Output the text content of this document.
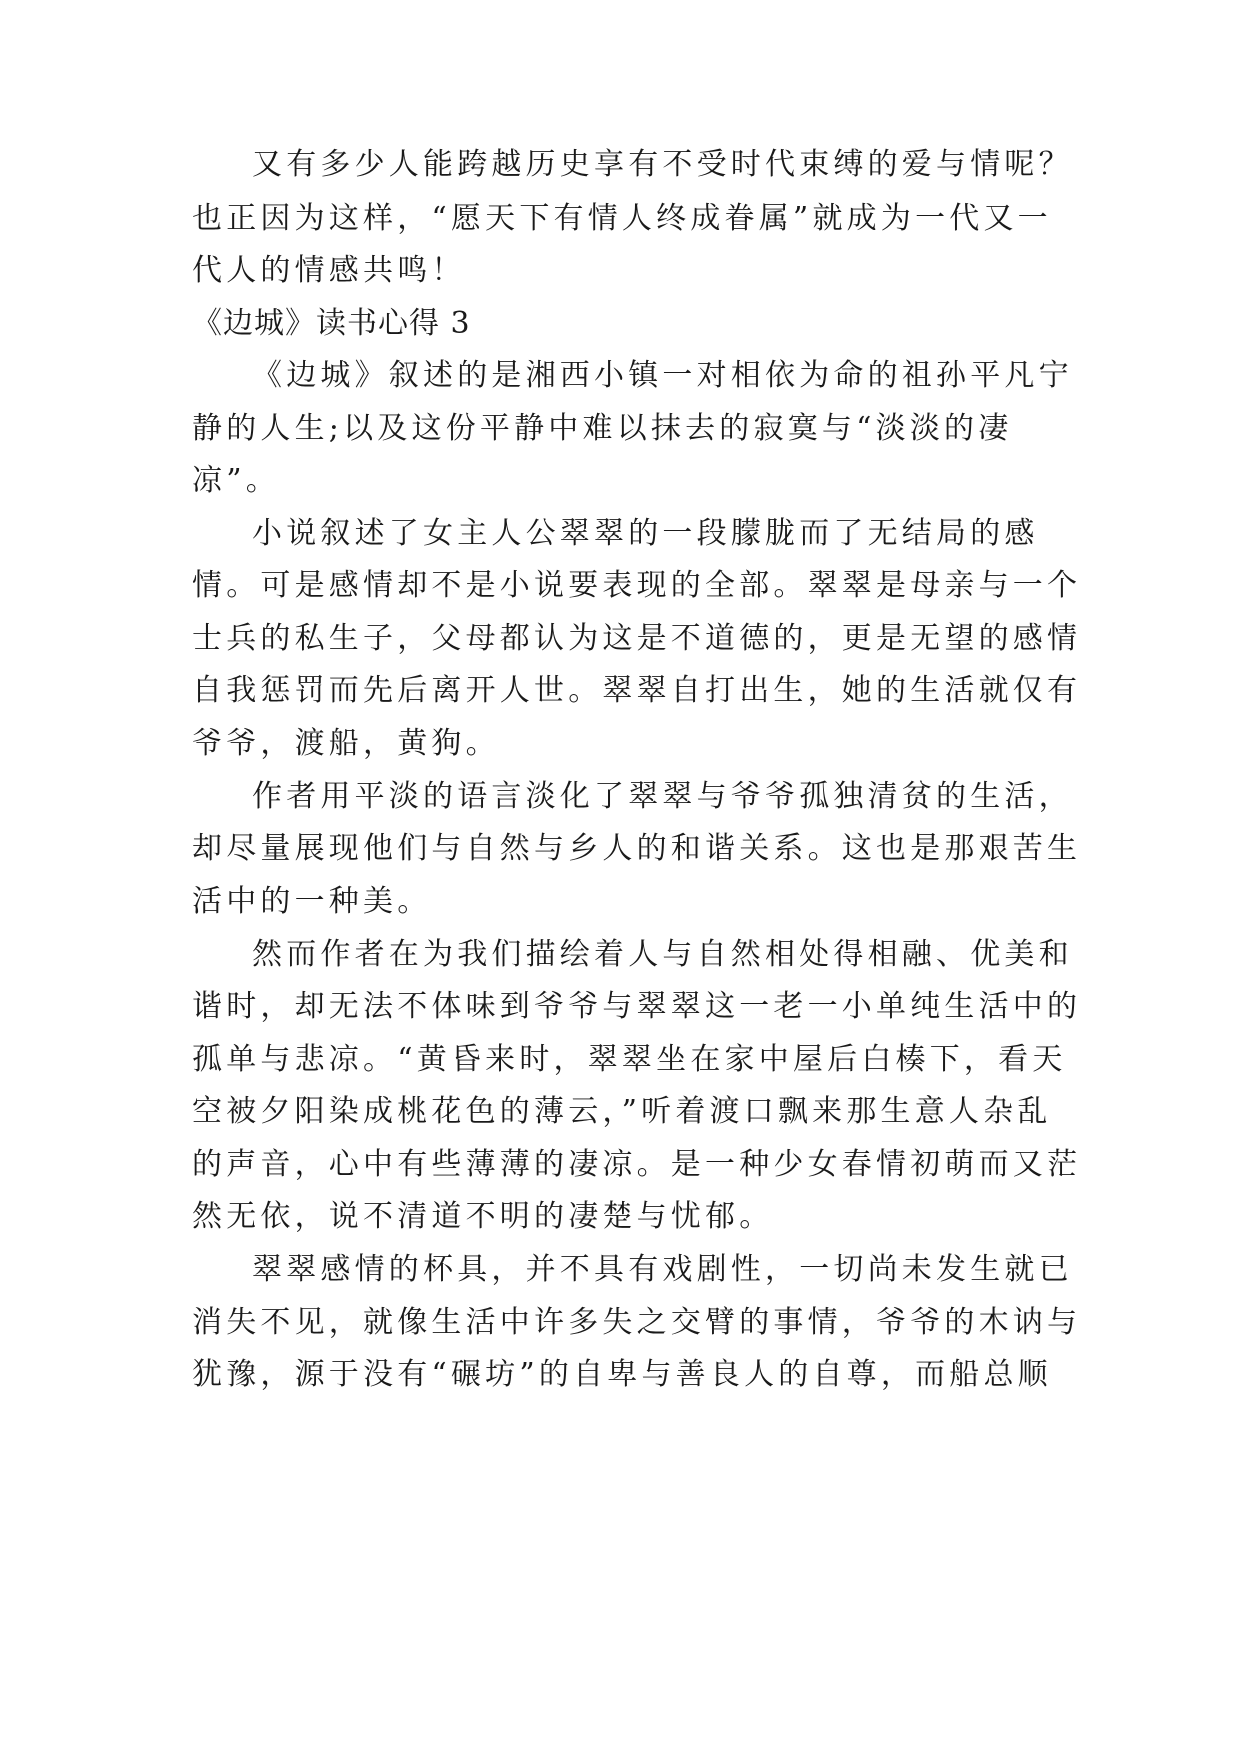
又有多少人能跨越历史享有不受时代束缚的爱与情呢？
也正因为这样，“愿天下有情人终成眷属”就成为一代又一
代人的情感共鸣！
《边城》读书心得 3
《边城》叙述的是湘西小镇一对相依为命的祖孙平凡宁
静的人生;以及这份平静中难以抹去的寂寞与“淡淡的凄
凉”。
小说叙述了女主人公翠翠的一段朦胧而了无结局的感
情。可是感情却不是小说要表现的全部。翠翠是母亲与一个
士兵的私生子，父母都认为这是不道德的，更是无望的感情
自我惩罚而先后离开人世。翠翠自打出生，她的生活就仅有
爷爷，渡船，黄狗。
作者用平淡的语言淡化了翠翠与爷爷孤独清贫的生活，
却尽量展现他们与自然与乡人的和谐关系。这也是那艰苦生
活中的一种美。
然而作者在为我们描绘着人与自然相处得相融、优美和
谐时，却无法不体味到爷爷与翠翠这一老一小单纯生活中的
孤单与悲凉。“黄昏来时，翠翠坐在家中屋后白楱下，看天
空被夕阳染成桃花色的薄云，”听着渡口飘来那生意人杂乱
的声音，心中有些薄薄的凄凉。是一种少女春情初萌而又茫
然无依，说不清道不明的凄楚与忧郁。
翠翠感情的杯具，并不具有戏剧性，一切尚未发生就已
消失不见，就像生活中许多失之交臂的事情，爷爷的木讷与
犹豫，源于没有“碾坊”的自卑与善良人的自尊，而船总顺
